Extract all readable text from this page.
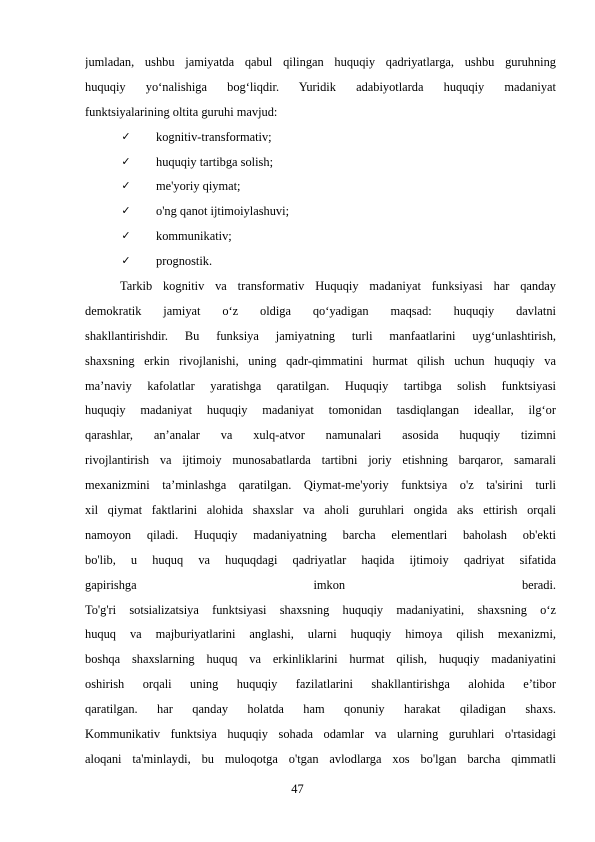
jumladan, ushbu jamiyatda qabul qilingan huquqiy qadriyatlarga, ushbu guruhning
huquqiy yo‘nalishiga bog‘liqdir. Yuridik adabiyotlarda huquqiy madaniyat
funktsiyalarining oltita guruhi mavjud:
✓ kognitiv-transformativ;
✓ huquqiy tartibga solish;
✓ me'yoriy qiymat;
✓ o'ng qanot ijtimoiylashuvi;
✓ kommunikativ;
✓ prognostik.
Tarkib kognitiv va transformativ Huquqiy madaniyat funksiyasi har qanday
demokratik jamiyat o‘z oldiga qo‘yadigan maqsad: huquqiy davlatni
shakllantirishdir. Bu funksiya jamiyatning turli manfaatlarini uyg‘unlashtirish,
shaxsning erkin rivojlanishi, uning qadr-qimmatini hurmat qilish uchun huquqiy va
ma’naviy kafolatlar yaratishga qaratilgan. Huquqiy tartibga solish funktsiyasi
huquqiy madaniyat huquqiy madaniyat tomonidan tasdiqlangan ideallar, ilg‘or
qarashlar, an’analar va xulq-atvor namunalari asosida huquqiy tizimni
rivojlantirish va ijtimoiy munosabatlarda tartibni joriy etishning barqaror, samarali
mexanizmini ta’minlashga qaratilgan. Qiymat-me'yoriy funktsiya o'z ta'sirini turli
xil qiymat faktlarini alohida shaxslar va aholi guruhlari ongida aks ettirish orqali
namoyon qiladi. Huquqiy madaniyatning barcha elementlari baholash ob'ekti
bo'lib, u huquq va huquqdagi qadriyatlar haqida ijtimoiy qadriyat sifatida
gapirishga imkon beradi.
To'g'ri sotsializatsiya funktsiyasi shaxsning huquqiy madaniyatini, shaxsning o‘z
huquq va majburiyatlarini anglashi, ularni huquqiy himoya qilish mexanizmi,
boshqa shaxslarning huquq va erkinliklarini hurmat qilish, huquqiy madaniyatini
oshirish orqali uning huquqiy fazilatlarini shakllantirishga alohida e’tibor
qaratilgan. har qanday holatda ham qonuniy harakat qiladigan shaxs.
Kommunikativ funktsiya huquqiy sohada odamlar va ularning guruhlari o'rtasidagi
aloqani ta'minlaydi, bu muloqotga o'tgan avlodlarga xos bo'lgan barcha qimmatli
47
